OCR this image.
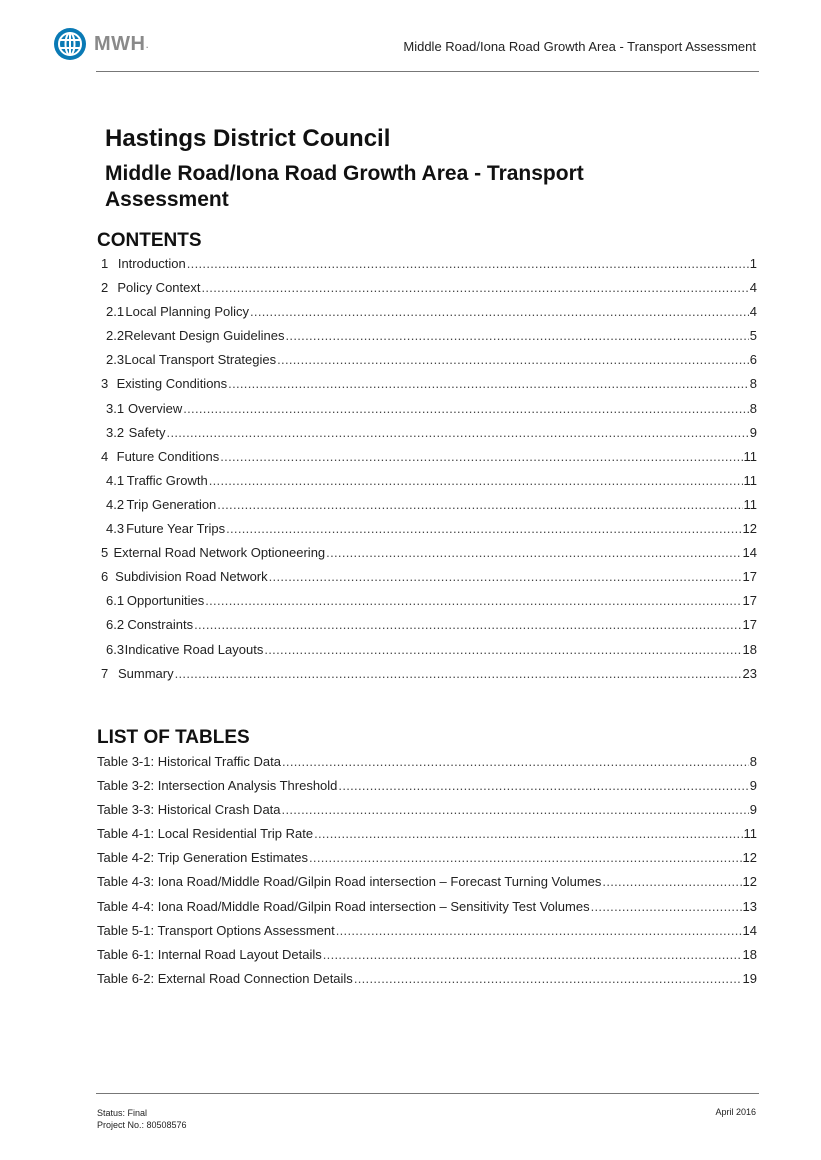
MWH .	Middle Road/Iona Road Growth Area - Transport Assessment
Hastings District Council
Middle Road/Iona Road Growth Area - Transport Assessment
CONTENTS
1 Introduction .....	1
2 Policy Context .....	4
2.1 Local Planning Policy .....	4
2.2 Relevant Design Guidelines .....	5
2.3 Local Transport Strategies .....	6
3 Existing Conditions .....	8
3.1 Overview .....	8
3.2 Safety .....	9
4 Future Conditions .....	11
4.1 Traffic Growth .....	11
4.2 Trip Generation .....	11
4.3 Future Year Trips .....	12
5 External Road Network Optioneering .....	14
6 Subdivision Road Network .....	17
6.1 Opportunities .....	17
6.2 Constraints .....	17
6.3 Indicative Road Layouts .....	18
7 Summary .....	23
LIST OF TABLES
Table 3-1: Historical Traffic Data .....	8
Table 3-2: Intersection Analysis Threshold .....	9
Table 3-3: Historical Crash Data .....	9
Table 4-1: Local Residential Trip Rate .....	11
Table 4-2: Trip Generation Estimates .....	12
Table 4-3: Iona Road/Middle Road/Gilpin Road intersection – Forecast Turning Volumes .....	12
Table 4-4: Iona Road/Middle Road/Gilpin Road intersection – Sensitivity Test Volumes .....	13
Table 5-1: Transport Options Assessment .....	14
Table 6-1: Internal Road Layout Details .....	18
Table 6-2: External Road Connection Details .....	19
Status: Final
Project No.: 80508576
April 2016
